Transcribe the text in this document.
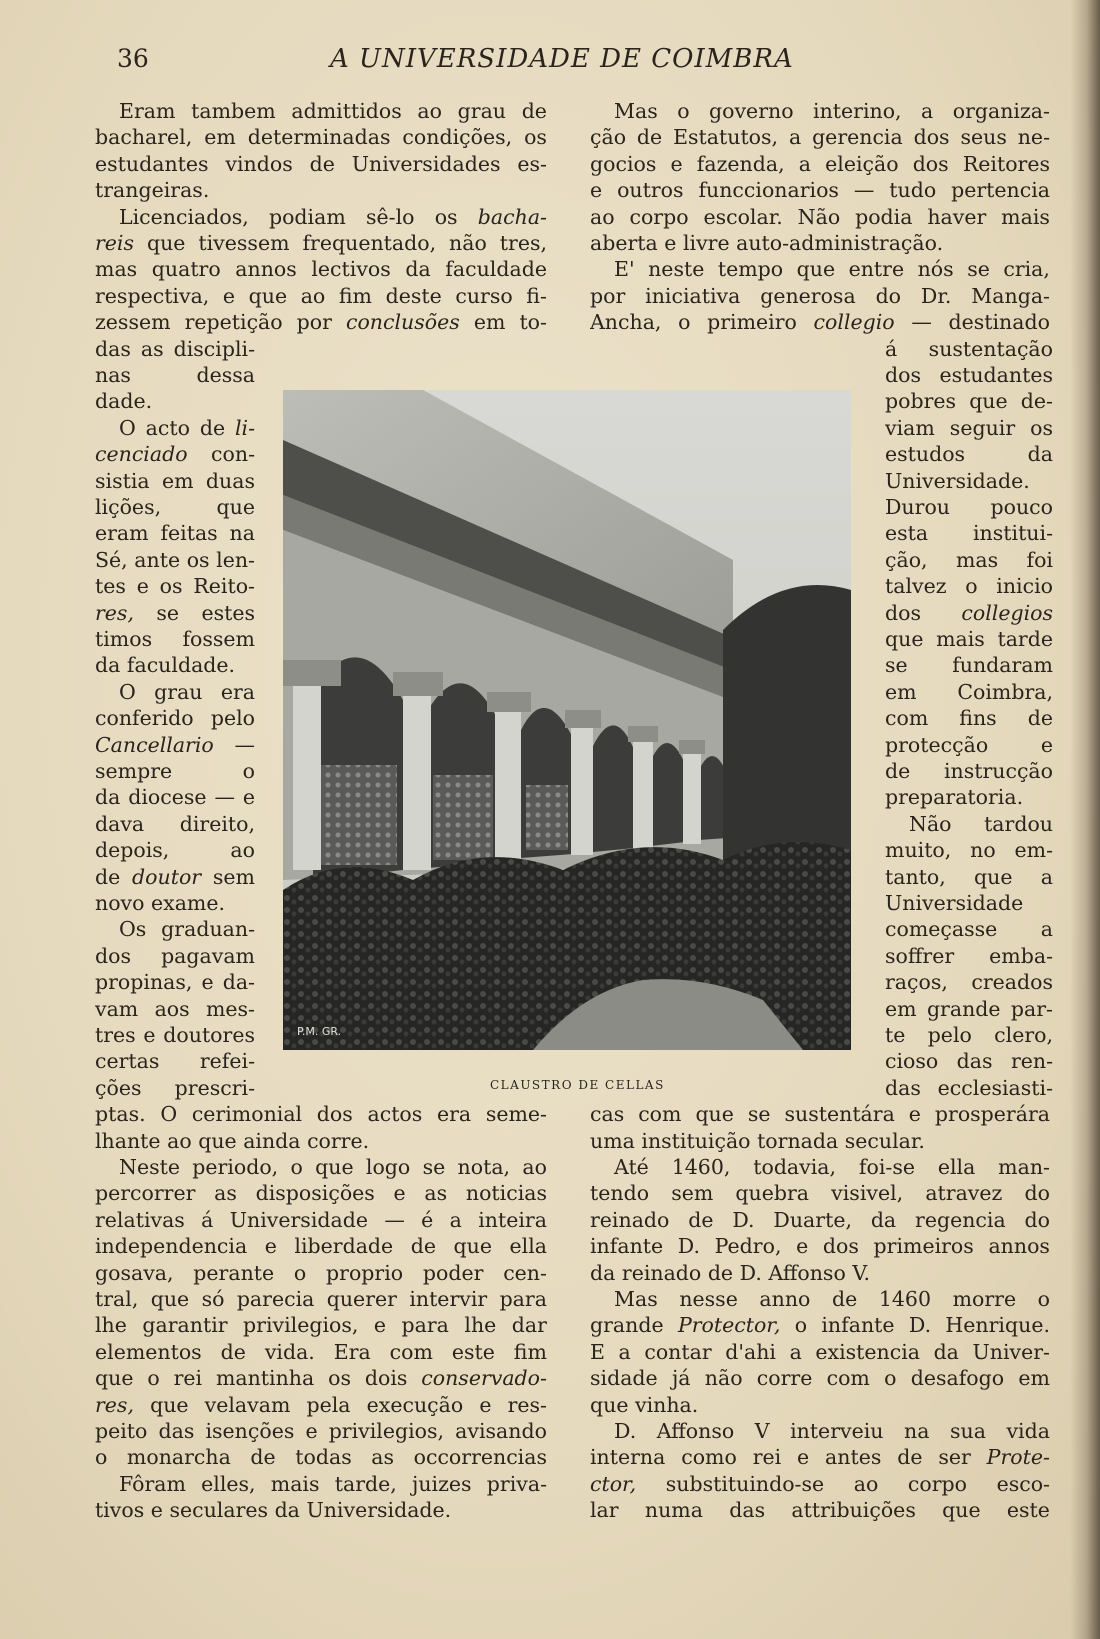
36	A UNIVERSIDADE DE COIMBRA
Eram tambem admittidos ao grau de
bacharel, em determinadas condições, os
estudantes vindos de Universidades es-
trangeiras.
Licenciados, podiam sê-lo os bacha-
reis que tivessem frequentado, não tres,
mas quatro annos lectivos da faculdade
respectiva, e que ao fim deste curso fi-
zessem repetição por conclusões em to-
das as discipli-
nas	dessa
dade.
O acto de li-
cenciado con-
sistia em duas
lições,	que
eram feitas na
Sé, ante os len-
tes e os Reito-
res, se estes
timos fossem
da faculdade.
O grau era
conferido pelo
Cancellario —
sempre	o
da diocese — e
dava direito,
depois,	ao
de doutor sem
novo exame.
Os graduan-
dos pagavam
propinas, e da-
vam aos mes-
tres e doutores
certas refei-
ções prescri-
ptas. O cerimonial dos actos era seme-
lhante ao que ainda corre.
Neste periodo, o que logo se nota, ao
percorrer as disposições e as noticias
relativas á Universidade — é a inteira
independencia e liberdade de que ella
gosava, perante o proprio poder cen-
tral, que só parecia querer intervir para
lhe garantir privilegios, e para lhe dar
elementos de vida. Era com este fim
que o rei mantinha os dois conservado-
res, que velavam pela execução e res-
peito das isenções e privilegios, avisando
o monarcha de todas as occorrencias
Fôram elles, mais tarde, juizes priva-
tivos e seculares da Universidade.
Mas o governo interino, a organiza-
ção de Estatutos, a gerencia dos seus ne-
gocios e fazenda, a eleição dos Reitores
e outros funccionarios — tudo pertencia
ao corpo escolar. Não podia haver mais
aberta e livre auto-administração.
E' neste tempo que entre nós se cria,
por iniciativa generosa do Dr. Manga-
Ancha, o primeiro collegio — destinado
á sustentação
dos estudantes
pobres que de-
viam seguir os
estudos	da
Universidade.
Durou pouco
esta institui-
ção, mas foi
talvez o inicio
dos collegios
que mais tarde
se fundaram
em Coimbra,
com fins de
protecção	e
de instrucção
preparatoria.
Não tardou
muito, no em-
tanto, que a
Universidade
começasse a
soffrer emba-
raços, creados
em grande par-
te pelo clero,
cioso das ren-
das ecclesiasti-
cas com que se sustentára e prosperára
uma instituição tornada secular.
Até 1460, todavia, foi-se ella man-
tendo sem quebra visivel, atravez do
reinado de D. Duarte, da regencia do
infante D. Pedro, e dos primeiros annos
da reinado de D. Affonso V.
Mas nesse anno de 1460 morre o
grande Protector, o infante D. Henrique.
E a contar d'ahi a existencia da Univer-
sidade já não corre com o desafogo em
que vinha.
D. Affonso V interveiu na sua vida
interna como rei e antes de ser Prote-
ctor, substituindo-se ao corpo esco-
lar numa das attribuições que este
P.M. GR.
CLAUSTRO DE CELLAS
